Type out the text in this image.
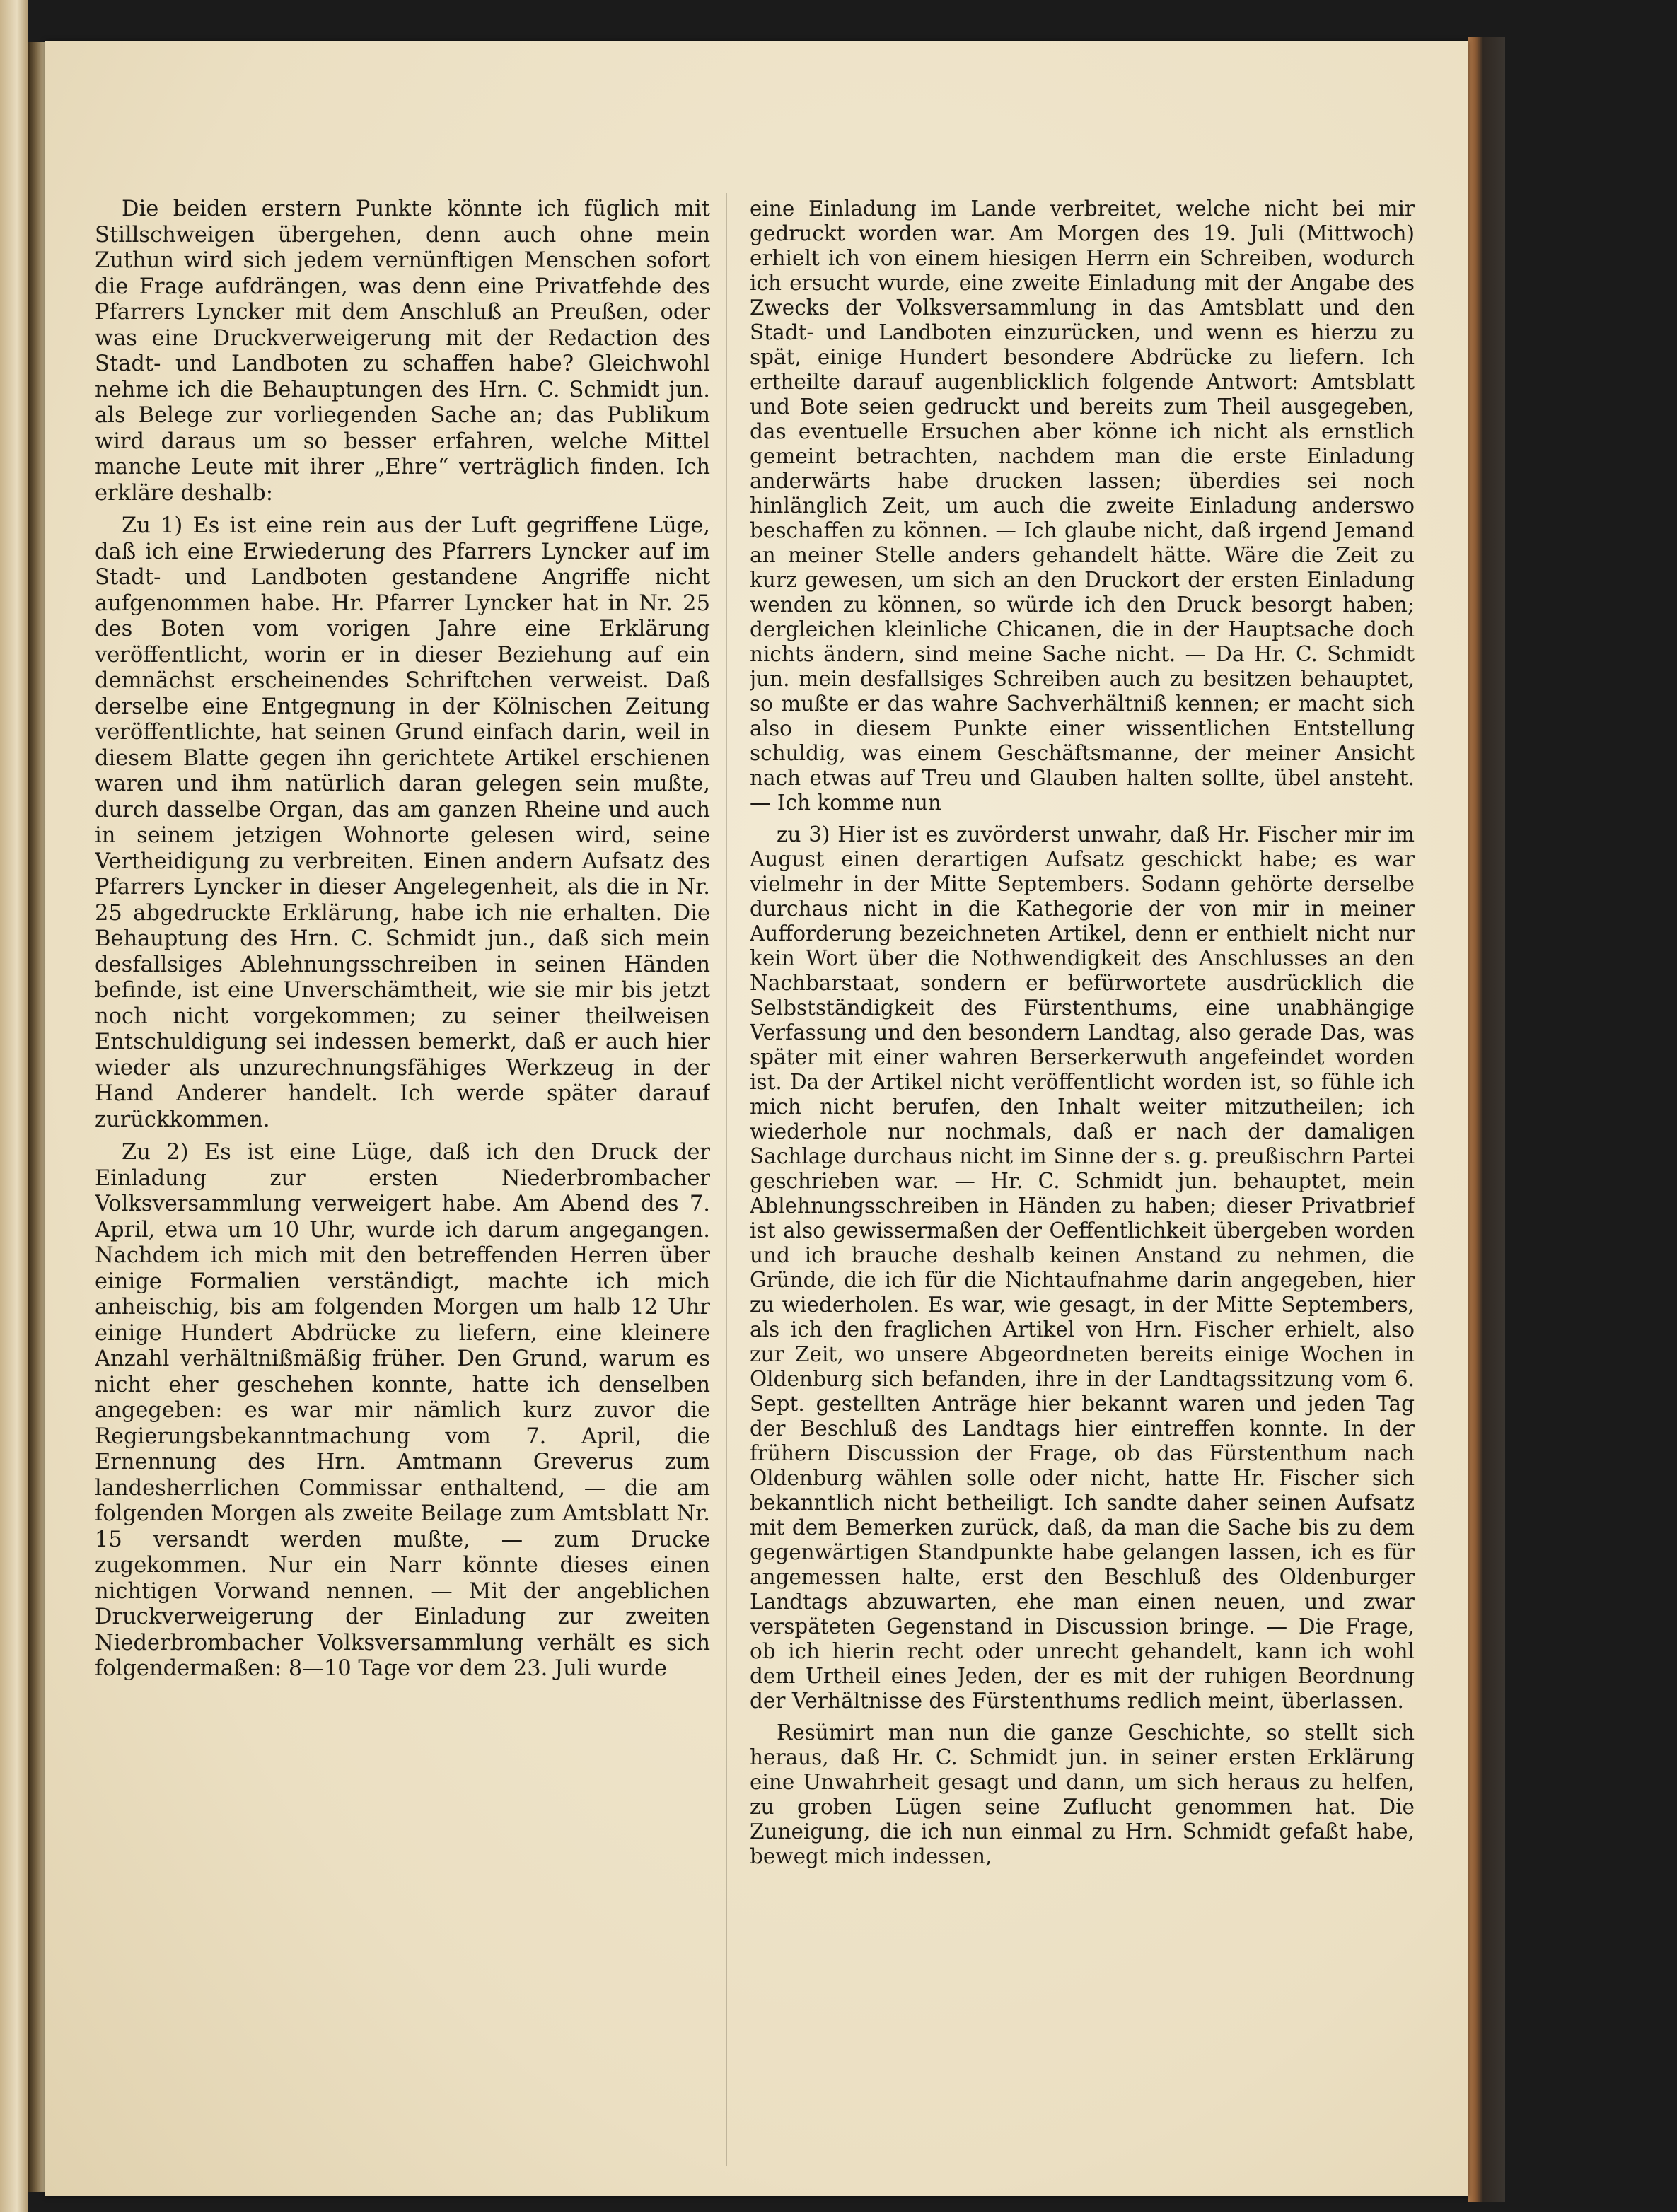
Die beiden erstern Punkte könnte ich füglich mit Stillschweigen übergehen, denn auch ohne mein Zuthun wird sich jedem vernünftigen Menschen sofort die Frage aufdrängen, was denn eine Privatfehde des Pfarrers Lyncker mit dem Anschluß an Preußen, oder was eine Druckverweigerung mit der Redaction des Stadt- und Landboten zu schaffen habe? Gleichwohl nehme ich die Behauptungen des Hrn. C. Schmidt jun. als Belege zur vorliegenden Sache an; das Publikum wird daraus um so besser erfahren, welche Mittel manche Leute mit ihrer „Ehre“ verträglich finden. Ich erkläre deshalb:

Zu 1) Es ist eine rein aus der Luft gegriffene Lüge, daß ich eine Erwiederung des Pfarrers Lyncker auf im Stadt- und Landboten gestandene Angriffe nicht aufgenommen habe. Hr. Pfarrer Lyncker hat in Nr. 25 des Boten vom vorigen Jahre eine Erklärung veröffentlicht, worin er in dieser Beziehung auf ein demnächst erscheinendes Schriftchen verweist. Daß derselbe eine Entgegnung in der Kölnischen Zeitung veröffentlichte, hat seinen Grund einfach darin, weil in diesem Blatte gegen ihn gerichtete Artikel erschienen waren und ihm natürlich daran gelegen sein mußte, durch dasselbe Organ, das am ganzen Rheine und auch in seinem jetzigen Wohnorte gelesen wird, seine Vertheidigung zu verbreiten. Einen andern Aufsatz des Pfarrers Lyncker in dieser Angelegenheit, als die in Nr. 25 abgedruckte Erklärung, habe ich nie erhalten. Die Behauptung des Hrn. C. Schmidt jun., daß sich mein desfallsiges Ablehnungsschreiben in seinen Händen befinde, ist eine Unverschämtheit, wie sie mir bis jetzt noch nicht vorgekommen; zu seiner theilweisen Entschuldigung sei indessen bemerkt, daß er auch hier wieder als unzurechnungsfähiges Werkzeug in der Hand Anderer handelt. Ich werde später darauf zurückkommen.

Zu 2) Es ist eine Lüge, daß ich den Druck der Einladung zur ersten Niederbrombacher Volksversammlung verweigert habe. Am Abend des 7. April, etwa um 10 Uhr, wurde ich darum angegangen. Nachdem ich mich mit den betreffenden Herren über einige Formalien verständigt, machte ich mich anheischig, bis am folgenden Morgen um halb 12 Uhr einige Hundert Abdrücke zu liefern, eine kleinere Anzahl verhältnißmäßig früher. Den Grund, warum es nicht eher geschehen konnte, hatte ich denselben angegeben: es war mir nämlich kurz zuvor die Regierungsbekanntmachung vom 7. April, die Ernennung des Hrn. Amtmann Greverus zum landesherrlichen Commissar enthaltend, — die am folgenden Morgen als zweite Beilage zum Amtsblatt Nr. 15 versandt werden mußte, — zum Drucke zugekommen. Nur ein Narr könnte dieses einen nichtigen Vorwand nennen. — Mit der angeblichen Druckverweigerung der Einladung zur zweiten Niederbrombacher Volksversammlung verhält es sich folgendermaßen: 8—10 Tage vor dem 23. Juli wurde

eine Einladung im Lande verbreitet, welche nicht bei mir gedruckt worden war. Am Morgen des 19. Juli (Mittwoch) erhielt ich von einem hiesigen Herrn ein Schreiben, wodurch ich ersucht wurde, eine zweite Einladung mit der Angabe des Zwecks der Volksversammlung in das Amtsblatt und den Stadt- und Landboten einzurücken, und wenn es hierzu zu spät, einige Hundert besondere Abdrücke zu liefern. Ich ertheilte darauf augenblicklich folgende Antwort: Amtsblatt und Bote seien gedruckt und bereits zum Theil ausgegeben, das eventuelle Ersuchen aber könne ich nicht als ernstlich gemeint betrachten, nachdem man die erste Einladung anderwärts habe drucken lassen; überdies sei noch hinlänglich Zeit, um auch die zweite Einladung anderswo beschaffen zu können. — Ich glaube nicht, daß irgend Jemand an meiner Stelle anders gehandelt hätte. Wäre die Zeit zu kurz gewesen, um sich an den Druckort der ersten Einladung wenden zu können, so würde ich den Druck besorgt haben; dergleichen kleinliche Chicanen, die in der Hauptsache doch nichts ändern, sind meine Sache nicht. — Da Hr. C. Schmidt jun. mein desfallsiges Schreiben auch zu besitzen behauptet, so mußte er das wahre Sachverhältniß kennen; er macht sich also in diesem Punkte einer wissentlichen Entstellung schuldig, was einem Geschäftsmanne, der meiner Ansicht nach etwas auf Treu und Glauben halten sollte, übel ansteht. — Ich komme nun

zu 3) Hier ist es zuvörderst unwahr, daß Hr. Fischer mir im August einen derartigen Aufsatz geschickt habe; es war vielmehr in der Mitte Septembers. Sodann gehörte derselbe durchaus nicht in die Kathegorie der von mir in meiner Aufforderung bezeichneten Artikel, denn er enthielt nicht nur kein Wort über die Nothwendigkeit des Anschlusses an den Nachbarstaat, sondern er befürwortete ausdrücklich die Selbstständigkeit des Fürstenthums, eine unabhängige Verfassung und den besondern Landtag, also gerade Das, was später mit einer wahren Berserkerwuth angefeindet worden ist. Da der Artikel nicht veröffentlicht worden ist, so fühle ich mich nicht berufen, den Inhalt weiter mitzutheilen; ich wiederhole nur nochmals, daß er nach der damaligen Sachlage durchaus nicht im Sinne der s. g. preußischrn Partei geschrieben war. — Hr. C. Schmidt jun. behauptet, mein Ablehnungsschreiben in Händen zu haben; dieser Privatbrief ist also gewissermaßen der Oeffentlichkeit übergeben worden und ich brauche deshalb keinen Anstand zu nehmen, die Gründe, die ich für die Nichtaufnahme darin angegeben, hier zu wiederholen. Es war, wie gesagt, in der Mitte Septembers, als ich den fraglichen Artikel von Hrn. Fischer erhielt, also zur Zeit, wo unsere Abgeordneten bereits einige Wochen in Oldenburg sich befanden, ihre in der Landtagssitzung vom 6. Sept. gestellten Anträge hier bekannt waren und jeden Tag der Beschluß des Landtags hier eintreffen konnte. In der frühern Discussion der Frage, ob das Fürstenthum nach Oldenburg wählen solle oder nicht, hatte Hr. Fischer sich bekanntlich nicht betheiligt. Ich sandte daher seinen Aufsatz mit dem Bemerken zurück, daß, da man die Sache bis zu dem gegenwärtigen Standpunkte habe gelangen lassen, ich es für angemessen halte, erst den Beschluß des Oldenburger Landtags abzuwarten, ehe man einen neuen, und zwar verspäteten Gegenstand in Discussion bringe. — Die Frage, ob ich hierin recht oder unrecht gehandelt, kann ich wohl dem Urtheil eines Jeden, der es mit der ruhigen Beordnung der Verhältnisse des Fürstenthums redlich meint, überlassen.

Resümirt man nun die ganze Geschichte, so stellt sich heraus, daß Hr. C. Schmidt jun. in seiner ersten Erklärung eine Unwahrheit gesagt und dann, um sich heraus zu helfen, zu groben Lügen seine Zuflucht genommen hat. Die Zuneigung, die ich nun einmal zu Hrn. Schmidt gefaßt habe, bewegt mich indessen,
